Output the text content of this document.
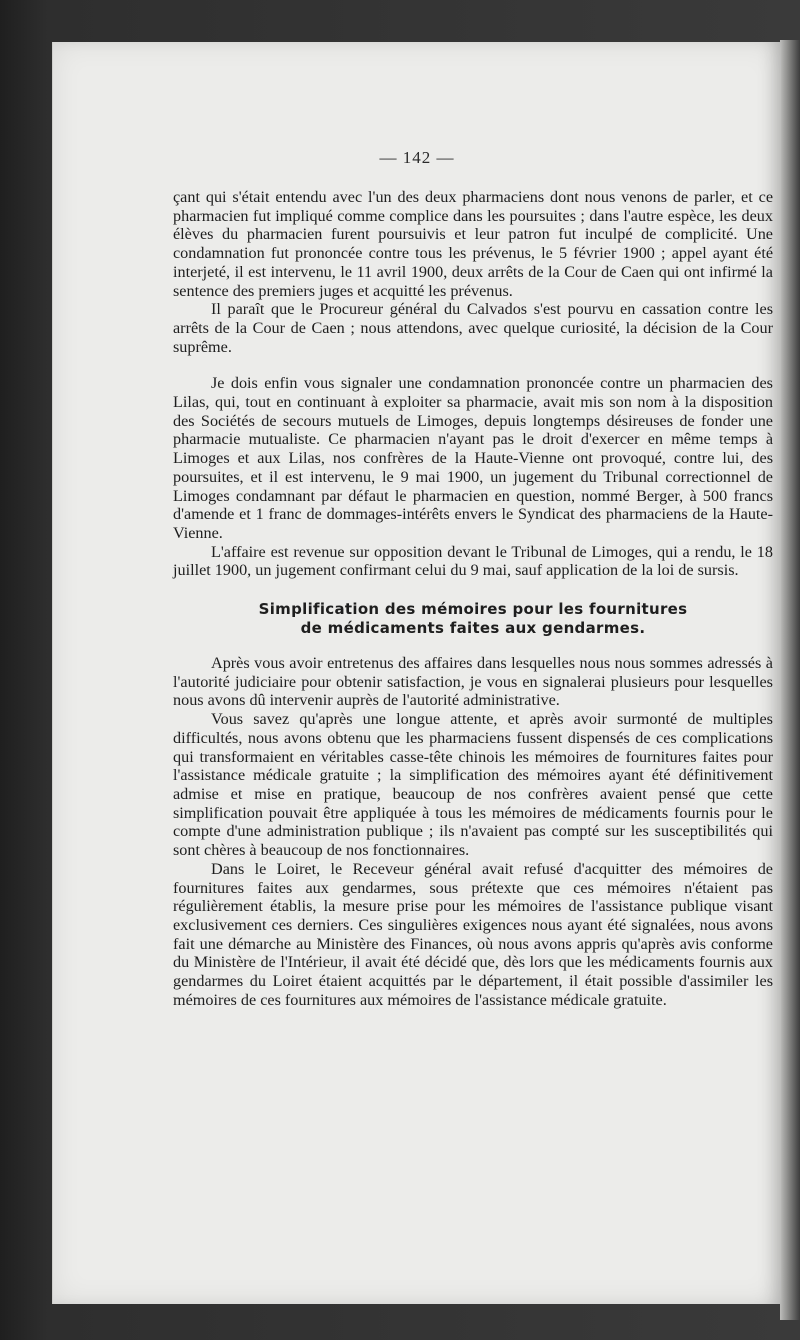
— 142 —

çant qui s'était entendu avec l'un des deux pharmaciens dont nous venons de parler, et ce pharmacien fut impliqué comme complice dans les poursuites ; dans l'autre espèce, les deux élèves du pharmacien furent poursuivis et leur patron fut inculpé de complicité. Une condamnation fut prononcée contre tous les prévenus, le 5 février 1900 ; appel ayant été interjeté, il est intervenu, le 11 avril 1900, deux arrêts de la Cour de Caen qui ont infirmé la sentence des premiers juges et acquitté les prévenus.

Il paraît que le Procureur général du Calvados s'est pourvu en cassation contre les arrêts de la Cour de Caen ; nous attendons, avec quelque curiosité, la décision de la Cour suprême.

Je dois enfin vous signaler une condamnation prononcée contre un pharmacien des Lilas, qui, tout en continuant à exploiter sa pharmacie, avait mis son nom à la disposition des Sociétés de secours mutuels de Limoges, depuis longtemps désireuses de fonder une pharmacie mutualiste. Ce pharmacien n'ayant pas le droit d'exercer en même temps à Limoges et aux Lilas, nos confrères de la Haute-Vienne ont provoqué, contre lui, des poursuites, et il est intervenu, le 9 mai 1900, un jugement du Tribunal correctionnel de Limoges condamnant par défaut le pharmacien en question, nommé Berger, à 500 francs d'amende et 1 franc de dommages-intérêts envers le Syndicat des pharmaciens de la Haute-Vienne.

L'affaire est revenue sur opposition devant le Tribunal de Limoges, qui a rendu, le 18 juillet 1900, un jugement confirmant celui du 9 mai, sauf application de la loi de sursis.

Simplification des mémoires pour les fournitures
de médicaments faites aux gendarmes.

Après vous avoir entretenus des affaires dans lesquelles nous nous sommes adressés à l'autorité judiciaire pour obtenir satisfaction, je vous en signalerai plusieurs pour lesquelles nous avons dû intervenir auprès de l'autorité administrative.

Vous savez qu'après une longue attente, et après avoir surmonté de multiples difficultés, nous avons obtenu que les pharmaciens fussent dispensés de ces complications qui transformaient en véritables casse-tête chinois les mémoires de fournitures faites pour l'assistance médicale gratuite ; la simplification des mémoires ayant été définitivement admise et mise en pratique, beaucoup de nos confrères avaient pensé que cette simplification pouvait être appliquée à tous les mémoires de médicaments fournis pour le compte d'une administration publique ; ils n'avaient pas compté sur les susceptibilités qui sont chères à beaucoup de nos fonctionnaires.

Dans le Loiret, le Receveur général avait refusé d'acquitter des mémoires de fournitures faites aux gendarmes, sous prétexte que ces mémoires n'étaient pas régulièrement établis, la mesure prise pour les mémoires de l'assistance publique visant exclusivement ces derniers. Ces singulières exigences nous ayant été signalées, nous avons fait une démarche au Ministère des Finances, où nous avons appris qu'après avis conforme du Ministère de l'Intérieur, il avait été décidé que, dès lors que les médicaments fournis aux gendarmes du Loiret étaient acquittés par le département, il était possible d'assimiler les mémoires de ces fournitures aux mémoires de l'assistance médicale gratuite.
